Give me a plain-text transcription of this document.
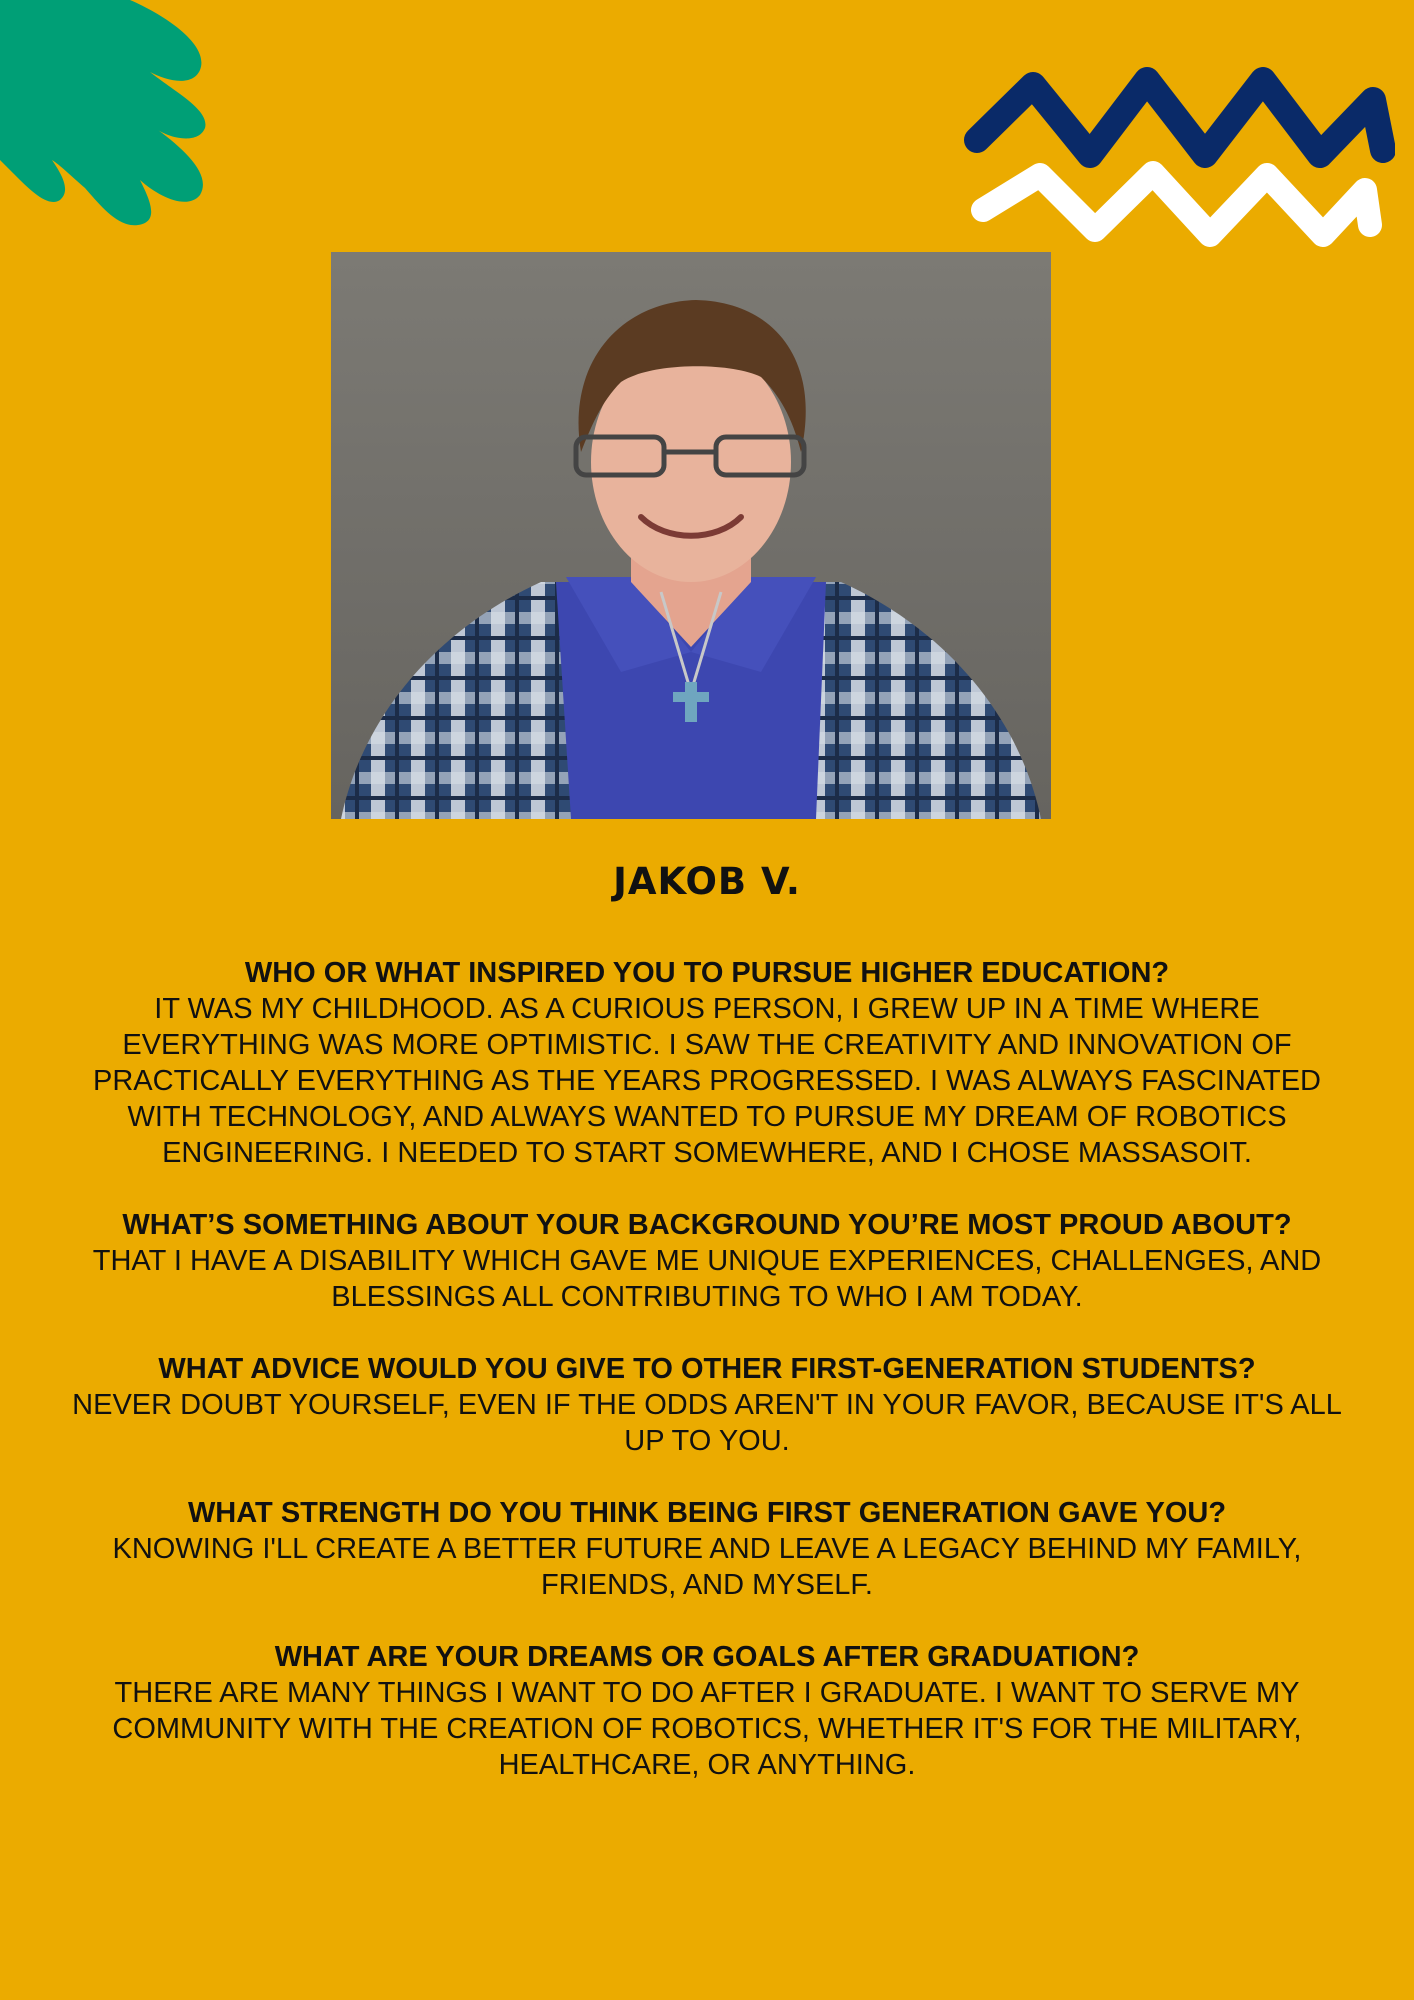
JAKOB V.
WHO OR WHAT INSPIRED YOU TO PURSUE HIGHER EDUCATION?
IT WAS MY CHILDHOOD. AS A CURIOUS PERSON, I GREW UP IN A TIME WHERE EVERYTHING WAS MORE OPTIMISTIC. I SAW THE CREATIVITY AND INNOVATION OF PRACTICALLY EVERYTHING AS THE YEARS PROGRESSED. I WAS ALWAYS FASCINATED WITH TECHNOLOGY, AND ALWAYS WANTED TO PURSUE MY DREAM OF ROBOTICS ENGINEERING. I NEEDED TO START SOMEWHERE, AND I CHOSE MASSASOIT.
WHAT’S SOMETHING ABOUT YOUR BACKGROUND YOU’RE MOST PROUD ABOUT?
THAT I HAVE A DISABILITY WHICH GAVE ME UNIQUE EXPERIENCES, CHALLENGES, AND BLESSINGS ALL CONTRIBUTING TO WHO I AM TODAY.
WHAT ADVICE WOULD YOU GIVE TO OTHER FIRST-GENERATION STUDENTS?
NEVER DOUBT YOURSELF, EVEN IF THE ODDS AREN'T IN YOUR FAVOR, BECAUSE IT'S ALL UP TO YOU.
WHAT STRENGTH DO YOU THINK BEING FIRST GENERATION GAVE YOU?
KNOWING I'LL CREATE A BETTER FUTURE AND LEAVE A LEGACY BEHIND MY FAMILY, FRIENDS, AND MYSELF.
WHAT ARE YOUR DREAMS OR GOALS AFTER GRADUATION?
THERE ARE MANY THINGS I WANT TO DO AFTER I GRADUATE. I WANT TO SERVE MY COMMUNITY WITH THE CREATION OF ROBOTICS, WHETHER IT'S FOR THE MILITARY, HEALTHCARE, OR ANYTHING.
